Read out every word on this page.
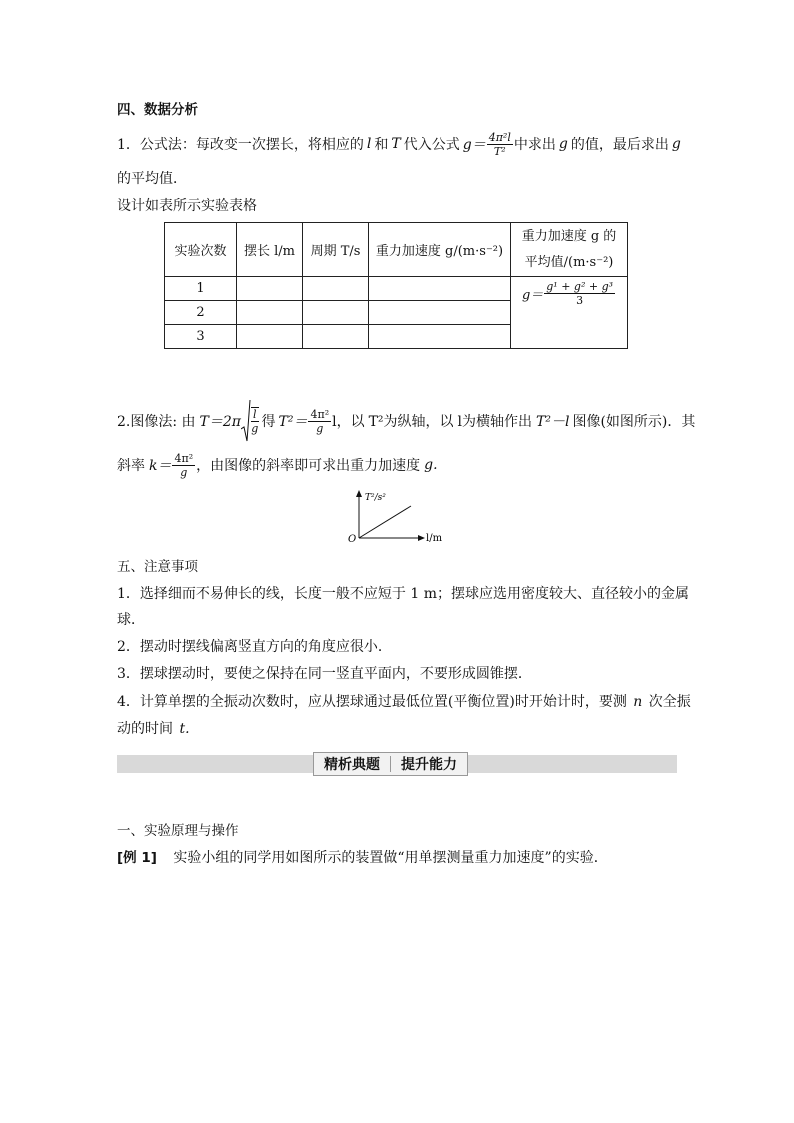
四、数据分析
1．公式法：每改变一次摆长，将相应的 l 和 T 代入公式 $g= \frac{\text{4π²l}}{\text{T²}}$ 中求出 g 的值，最后求出 g
的平均值．
设计如表所示实验表格
实验次数	摆长 l/m	周期 T/s	重力加速度 g/(m·s⁻²)	重力加速度 g 的
平均值/(m·s⁻²)

1				$g= \frac{\text{g¹ + g² + g³}}{3}$

2				
3				
2.图像法: 由 $T=2\pi \frac{l}{g}$ 得 $T^2= \frac{\text{4π²}}{g}$ l，以 T²为纵轴，以 l为横轴作出 T²－l 图像(如图所示)．其
斜率 $k= \frac{\text{4π²}}{g}$ ，由图像的斜率即可求出重力加速度 g.
T²/s²
l/m
O
五、注意事项
1．选择细而不易伸长的线，长度一般不应短于 1 m；摆球应选用密度较大、直径较小的金属
球．
2．摆动时摆线偏离竖直方向的角度应很小．
3．摆球摆动时，要使之保持在同一竖直平面内，不要形成圆锥摆．
4．计算单摆的全振动次数时，应从摆球通过最低位置(平衡位置)时开始计时，要测 n 次全振
动的时间 t.
精析典题	提升能力
一、实验原理与操作
[例 1] 实验小组的同学用如图所示的装置做“用单摆测量重力加速度”的实验．
